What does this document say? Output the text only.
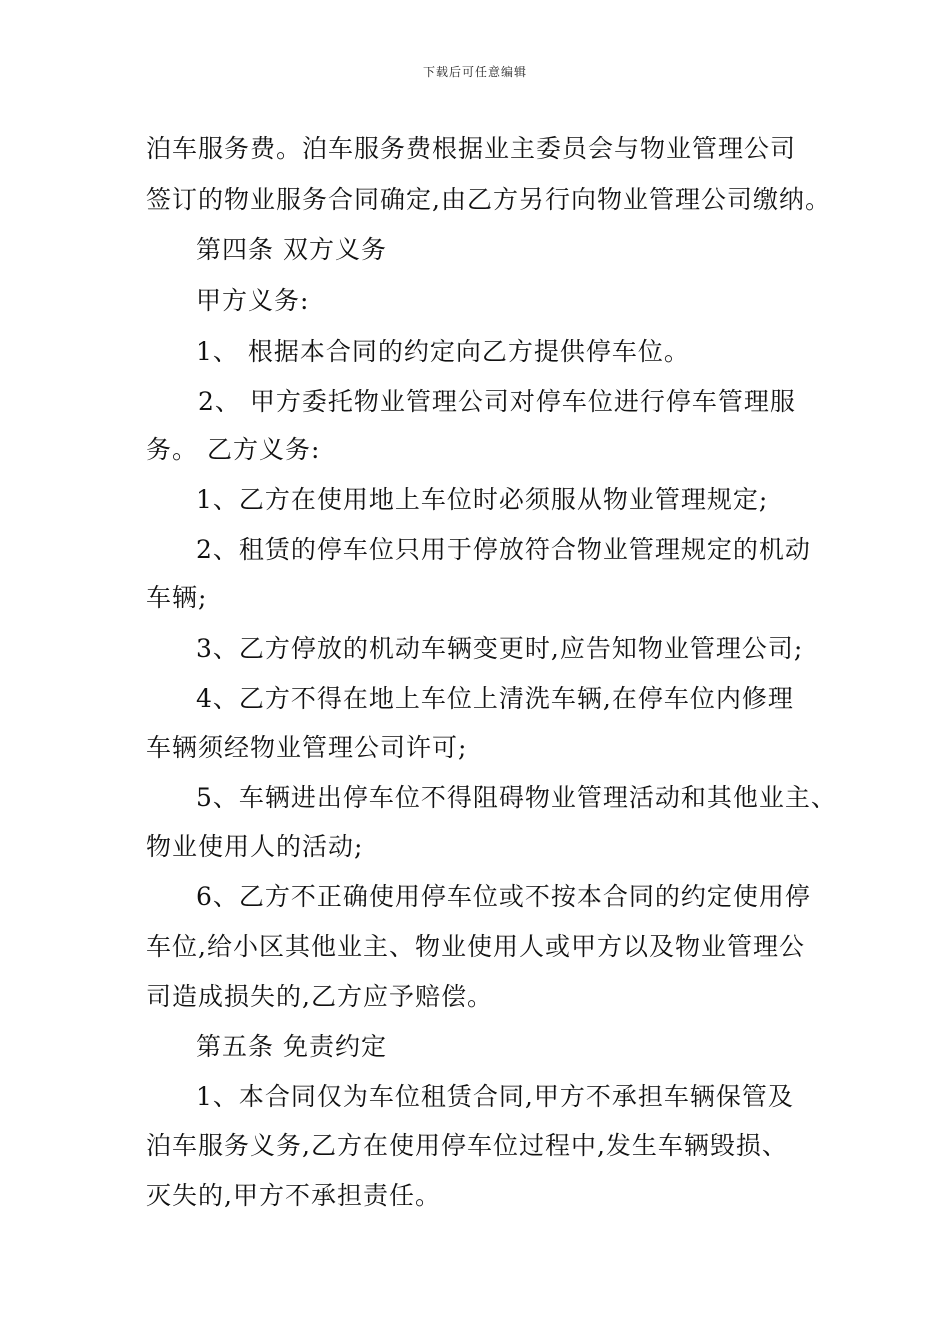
下载后可任意编辑
泊车服务费。泊车服务费根据业主委员会与物业管理公司
签订的物业服务合同确定,由乙方另行向物业管理公司缴纳。
第四条 双方义务
甲方义务:
1、 根据本合同的约定向乙方提供停车位。
2、 甲方委托物业管理公司对停车位进行停车管理服
务。 乙方义务:
1、乙方在使用地上车位时必须服从物业管理规定;
2、租赁的停车位只用于停放符合物业管理规定的机动
车辆;
3、乙方停放的机动车辆变更时,应告知物业管理公司;
4、乙方不得在地上车位上清洗车辆,在停车位内修理
车辆须经物业管理公司许可;
5、车辆进出停车位不得阻碍物业管理活动和其他业主、
物业使用人的活动;
6、乙方不正确使用停车位或不按本合同的约定使用停
车位,给小区其他业主、物业使用人或甲方以及物业管理公
司造成损失的,乙方应予赔偿。
第五条 免责约定
1、本合同仅为车位租赁合同,甲方不承担车辆保管及
泊车服务义务,乙方在使用停车位过程中,发生车辆毁损、
灭失的,甲方不承担责任。
